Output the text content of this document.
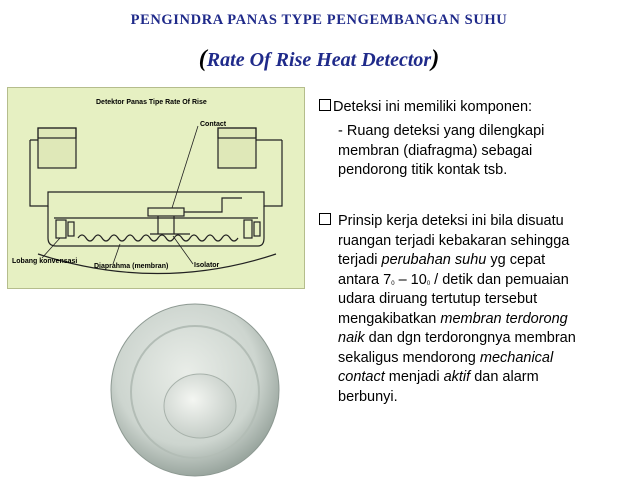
PENGINDRA PANAS TYPE PENGEMBANGAN SUHU
(Rate Of Rise Heat Detector)
Detektor Panas Tipe Rate Of Rise
Contact
Lobang konvensasi
Diaprahma (membran)	Isolator
Deteksi ini memiliki komponen:
- Ruang deteksi yang dilengkapi
membran (diafragma) sebagai
pendorong titik kontak tsb.
Prinsip kerja deteksi ini bila disuatu
ruangan terjadi kebakaran sehingga
terjadi perubahan suhu yg cepat
antara $7^0 - 10^0$ / detik dan pemuaian
udara diruang tertutup tersebut
mengakibatkan membran terdorong
naik dan dgn terdorongnya membran
sekaligus mendorong mechanical
contact menjadi aktif dan alarm
berbunyi.
